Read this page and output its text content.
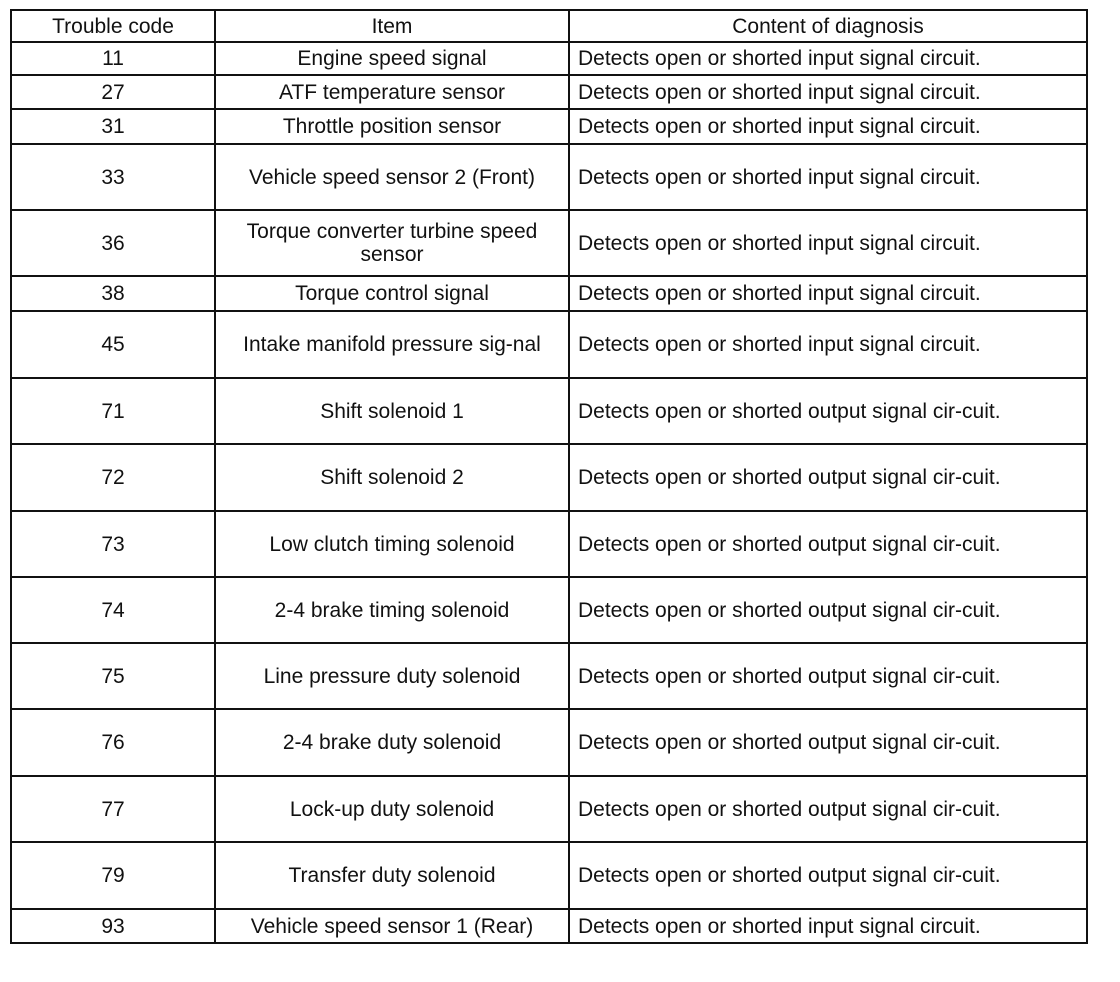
Trouble code	Item	Content of diagnosis
11	Engine speed signal	Detects open or shorted input signal circuit.
27	ATF temperature sensor	Detects open or shorted input signal circuit.
31	Throttle position sensor	Detects open or shorted input signal circuit.
33	Vehicle speed sensor 2 (Front)	Detects open or shorted input signal circuit.
36	Torque converter turbine speed sensor	Detects open or shorted input signal circuit.
38	Torque control signal	Detects open or shorted input signal circuit.
45	Intake manifold pressure sig-nal	Detects open or shorted input signal circuit.
71	Shift solenoid 1	Detects open or shorted output signal cir-cuit.
72	Shift solenoid 2	Detects open or shorted output signal cir-cuit.
73	Low clutch timing solenoid	Detects open or shorted output signal cir-cuit.
74	2-4 brake timing solenoid	Detects open or shorted output signal cir-cuit.
75	Line pressure duty solenoid	Detects open or shorted output signal cir-cuit.
76	2-4 brake duty solenoid	Detects open or shorted output signal cir-cuit.
77	Lock-up duty solenoid	Detects open or shorted output signal cir-cuit.
79	Transfer duty solenoid	Detects open or shorted output signal cir-cuit.
93	Vehicle speed sensor 1 (Rear)	Detects open or shorted input signal circuit.
